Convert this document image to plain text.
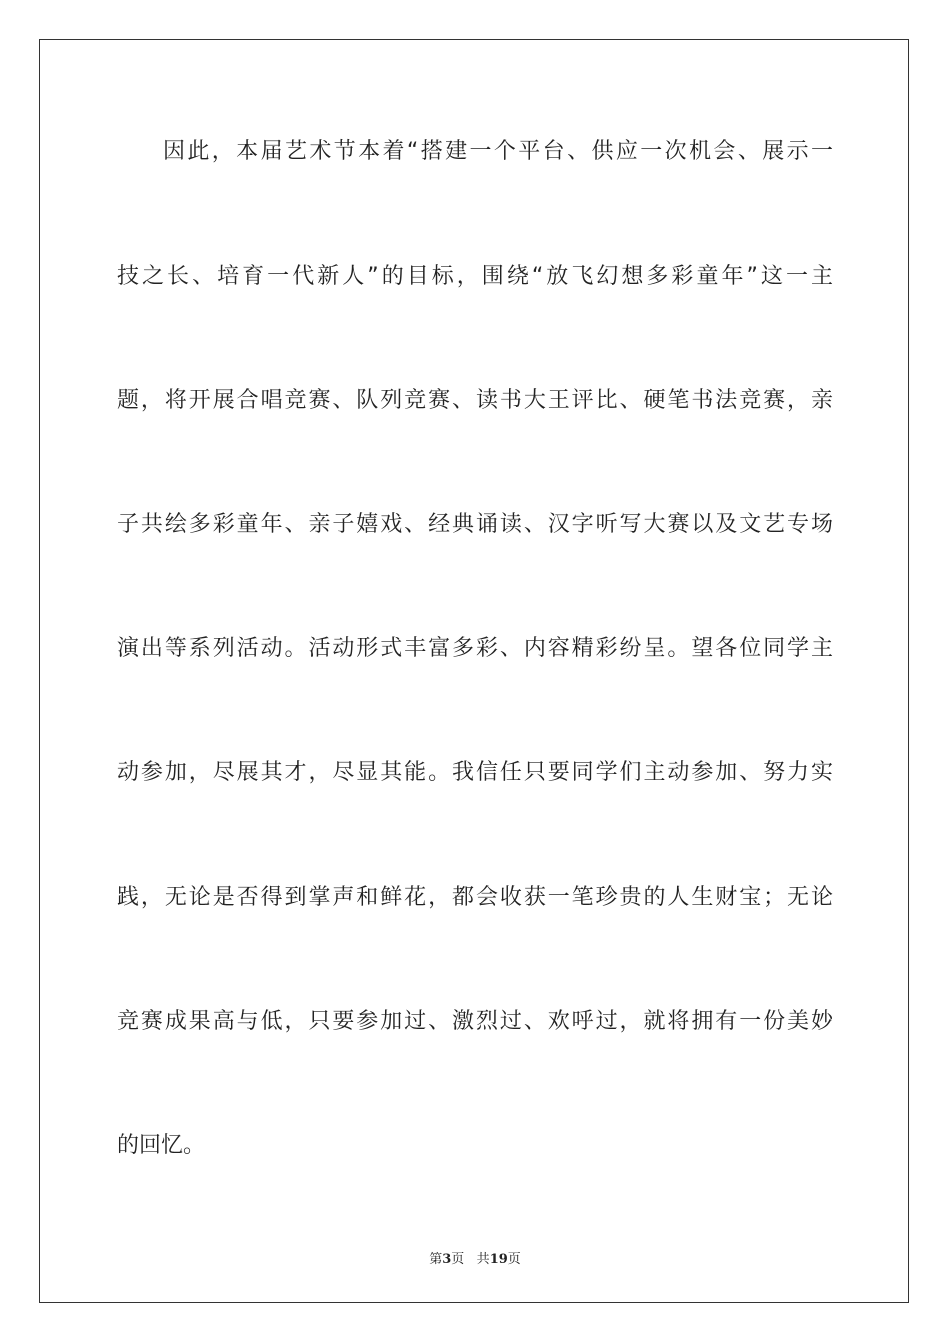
因此，本届艺术节本着“搭建一个平台、供应一次机会、展示一
技之长、培育一代新人”的目标，围绕“放飞幻想多彩童年”这一主
题，将开展合唱竞赛、队列竞赛、读书大王评比、硬笔书法竞赛，亲
子共绘多彩童年、亲子嬉戏、经典诵读、汉字听写大赛以及文艺专场
演出等系列活动。活动形式丰富多彩、内容精彩纷呈。望各位同学主
动参加，尽展其才，尽显其能。我信任只要同学们主动参加、努力实
践，无论是否得到掌声和鲜花，都会收获一笔珍贵的人生财宝；无论
竞赛成果高与低，只要参加过、激烈过、欢呼过，就将拥有一份美妙
的回忆。
第3页 共19页
